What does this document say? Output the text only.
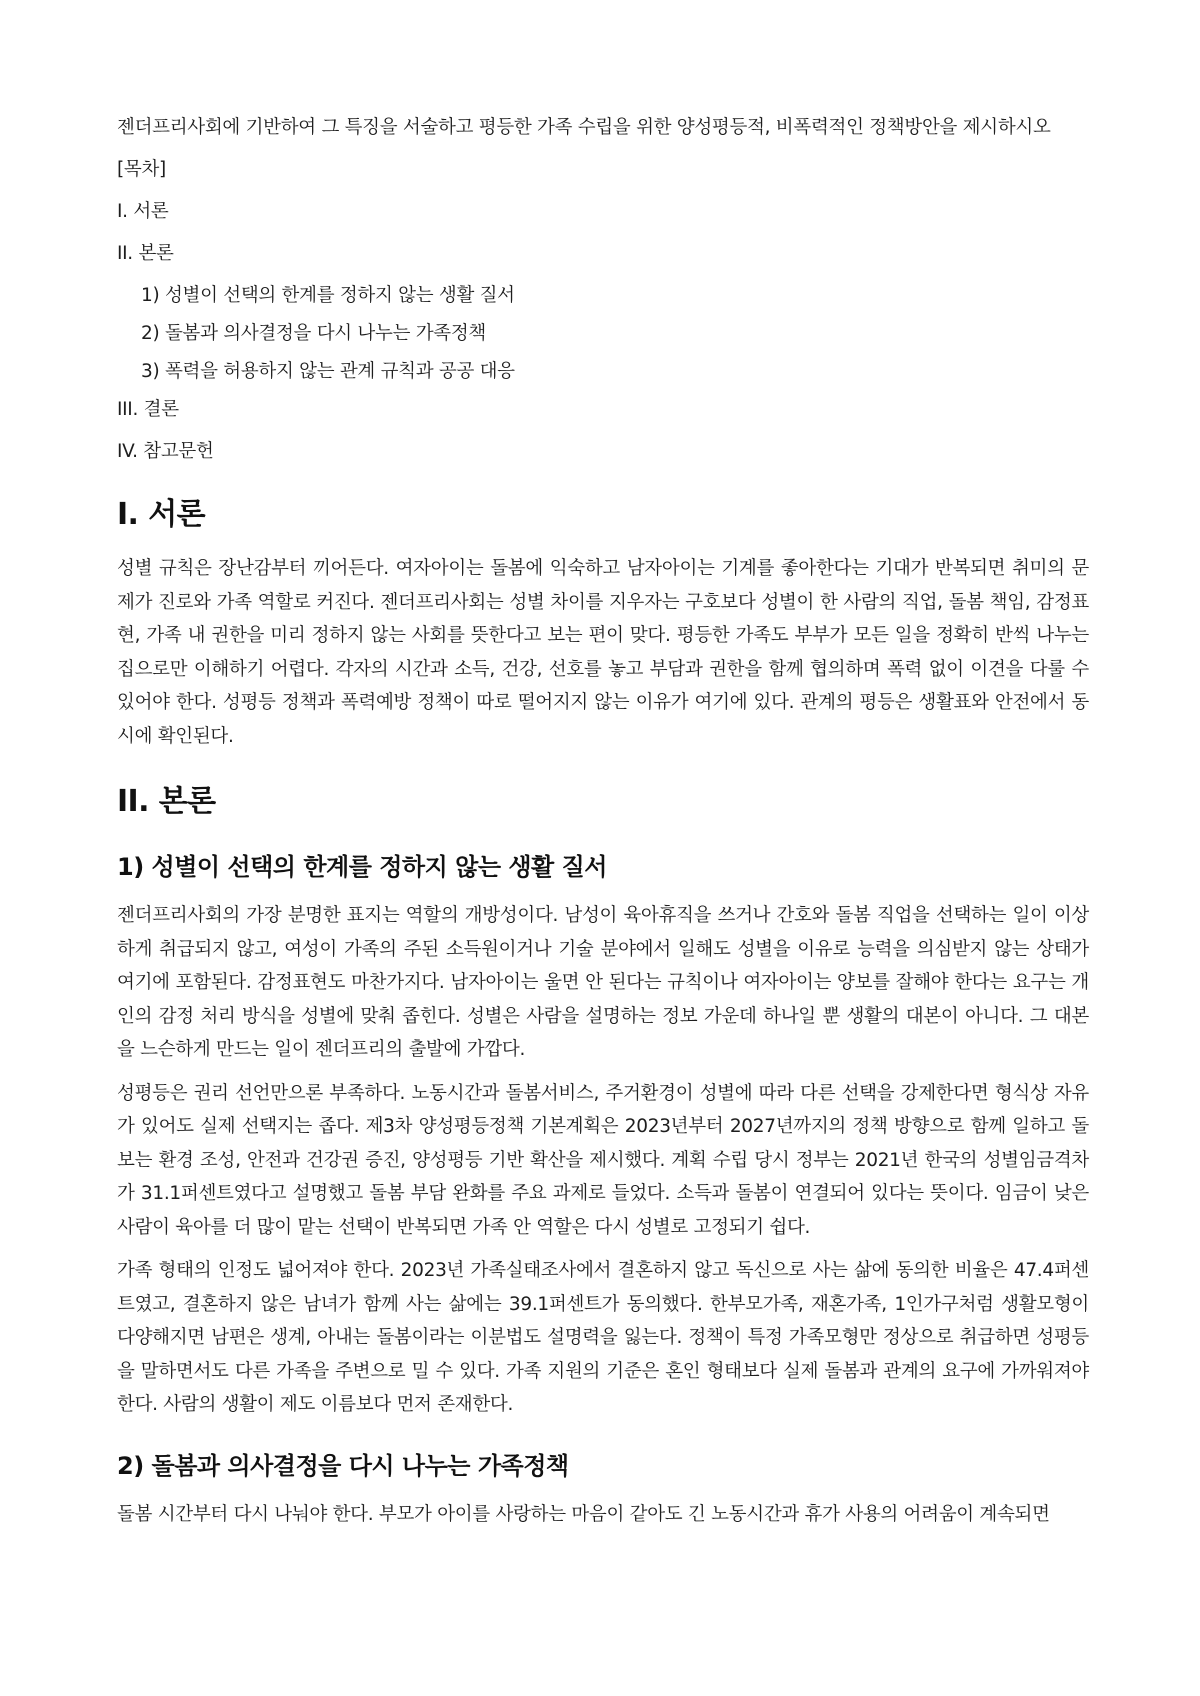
젠더프리사회에 기반하여 그 특징을 서술하고 평등한 가족 수립을 위한 양성평등적, 비폭력적인 정책방안을 제시하시오

[목차]
I. 서론
II. 본론
1) 성별이 선택의 한계를 정하지 않는 생활 질서
2) 돌봄과 의사결정을 다시 나누는 가족정책
3) 폭력을 허용하지 않는 관계 규칙과 공공 대응
III. 결론
IV. 참고문헌
I. 서론

성별 규칙은 장난감부터 끼어든다. 여자아이는 돌봄에 익숙하고 남자아이는 기계를 좋아한다는 기대가 반복되면 취미의 문제가 진로와 가족 역할로 커진다. 젠더프리사회는 성별 차이를 지우자는 구호보다 성별이 한 사람의 직업, 돌봄 책임, 감정표현, 가족 내 권한을 미리 정하지 않는 사회를 뜻한다고 보는 편이 맞다. 평등한 가족도 부부가 모든 일을 정확히 반씩 나누는 집으로만 이해하기 어렵다. 각자의 시간과 소득, 건강, 선호를 놓고 부담과 권한을 함께 협의하며 폭력 없이 이견을 다룰 수 있어야 한다. 성평등 정책과 폭력예방 정책이 따로 떨어지지 않는 이유가 여기에 있다. 관계의 평등은 생활표와 안전에서 동시에 확인된다.

II. 본론
1) 성별이 선택의 한계를 정하지 않는 생활 질서

젠더프리사회의 가장 분명한 표지는 역할의 개방성이다. 남성이 육아휴직을 쓰거나 간호와 돌봄 직업을 선택하는 일이 이상하게 취급되지 않고, 여성이 가족의 주된 소득원이거나 기술 분야에서 일해도 성별을 이유로 능력을 의심받지 않는 상태가 여기에 포함된다. 감정표현도 마찬가지다. 남자아이는 울면 안 된다는 규칙이나 여자아이는 양보를 잘해야 한다는 요구는 개인의 감정 처리 방식을 성별에 맞춰 좁힌다. 성별은 사람을 설명하는 정보 가운데 하나일 뿐 생활의 대본이 아니다. 그 대본을 느슨하게 만드는 일이 젠더프리의 출발에 가깝다.

성평등은 권리 선언만으론 부족하다. 노동시간과 돌봄서비스, 주거환경이 성별에 따라 다른 선택을 강제한다면 형식상 자유가 있어도 실제 선택지는 좁다. 제3차 양성평등정책 기본계획은 2023년부터 2027년까지의 정책 방향으로 함께 일하고 돌보는 환경 조성, 안전과 건강권 증진, 양성평등 기반 확산을 제시했다. 계획 수립 당시 정부는 2021년 한국의 성별임금격차가 31.1퍼센트였다고 설명했고 돌봄 부담 완화를 주요 과제로 들었다. 소득과 돌봄이 연결되어 있다는 뜻이다. 임금이 낮은 사람이 육아를 더 많이 맡는 선택이 반복되면 가족 안 역할은 다시 성별로 고정되기 쉽다.

가족 형태의 인정도 넓어져야 한다. 2023년 가족실태조사에서 결혼하지 않고 독신으로 사는 삶에 동의한 비율은 47.4퍼센트였고, 결혼하지 않은 남녀가 함께 사는 삶에는 39.1퍼센트가 동의했다. 한부모가족, 재혼가족, 1인가구처럼 생활모형이 다양해지면 남편은 생계, 아내는 돌봄이라는 이분법도 설명력을 잃는다. 정책이 특정 가족모형만 정상으로 취급하면 성평등을 말하면서도 다른 가족을 주변으로 밀 수 있다. 가족 지원의 기준은 혼인 형태보다 실제 돌봄과 관계의 요구에 가까워져야 한다. 사람의 생활이 제도 이름보다 먼저 존재한다.

2) 돌봄과 의사결정을 다시 나누는 가족정책

돌봄 시간부터 다시 나눠야 한다. 부모가 아이를 사랑하는 마음이 같아도 긴 노동시간과 휴가 사용의 어려움이 계속되면
